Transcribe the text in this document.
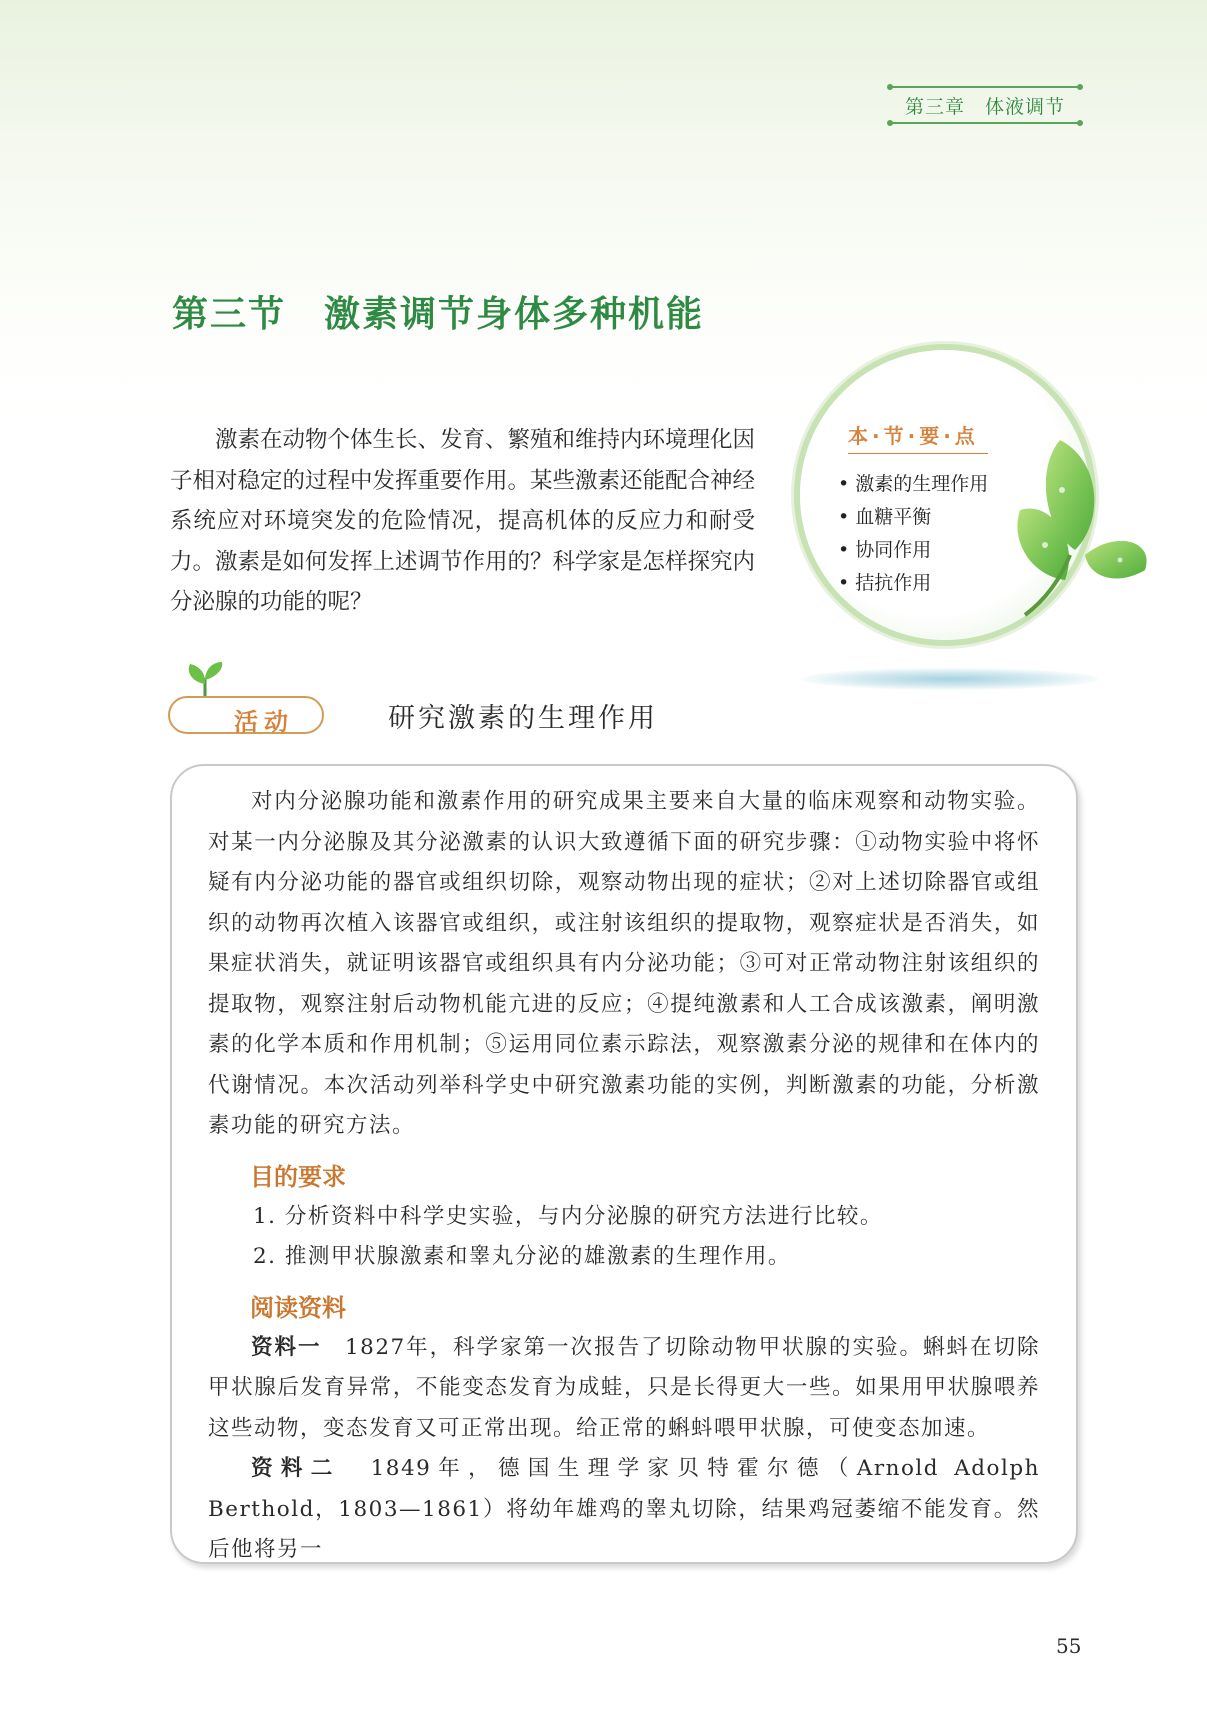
第三章　体液调节
第三节　激素调节身体多种机能

激素在动物个体生长、发育、繁殖和维持内环境理化因子相对稳定的过程中发挥重要作用。某些激素还能配合神经系统应对环境突发的危险情况，提高机体的反应力和耐受力。激素是如何发挥上述调节作用的？科学家是怎样探究内分泌腺的功能的呢？

本·节·要·点
• 激素的生理作用
• 血糖平衡
• 协同作用
• 拮抗作用
活动	研究激素的生理作用

对内分泌腺功能和激素作用的研究成果主要来自大量的临床观察和动物实验。对某一内分泌腺及其分泌激素的认识大致遵循下面的研究步骤：①动物实验中将怀疑有内分泌功能的器官或组织切除，观察动物出现的症状；②对上述切除器官或组织的动物再次植入该器官或组织，或注射该组织的提取物，观察症状是否消失，如果症状消失，就证明该器官或组织具有内分泌功能；③可对正常动物注射该组织的提取物，观察注射后动物机能亢进的反应；④提纯激素和人工合成该激素，阐明激素的化学本质和作用机制；⑤运用同位素示踪法，观察激素分泌的规律和在体内的代谢情况。本次活动列举科学史中研究激素功能的实例，判断激素的功能，分析激素功能的研究方法。

目的要求

1. 分析资料中科学史实验，与内分泌腺的研究方法进行比较。

2. 推测甲状腺激素和睾丸分泌的雄激素的生理作用。

阅读资料

资料一　1827年，科学家第一次报告了切除动物甲状腺的实验。蝌蚪在切除甲状腺后发育异常，不能变态发育为成蛙，只是长得更大一些。如果用甲状腺喂养这些动物，变态发育又可正常出现。给正常的蝌蚪喂甲状腺，可使变态加速。

资料二　1849年，德国生理学家贝特霍尔德（Arnold Adolph Berthold，1803—1861）将幼年雄鸡的睾丸切除，结果鸡冠萎缩不能发育。然后他将另一

55
